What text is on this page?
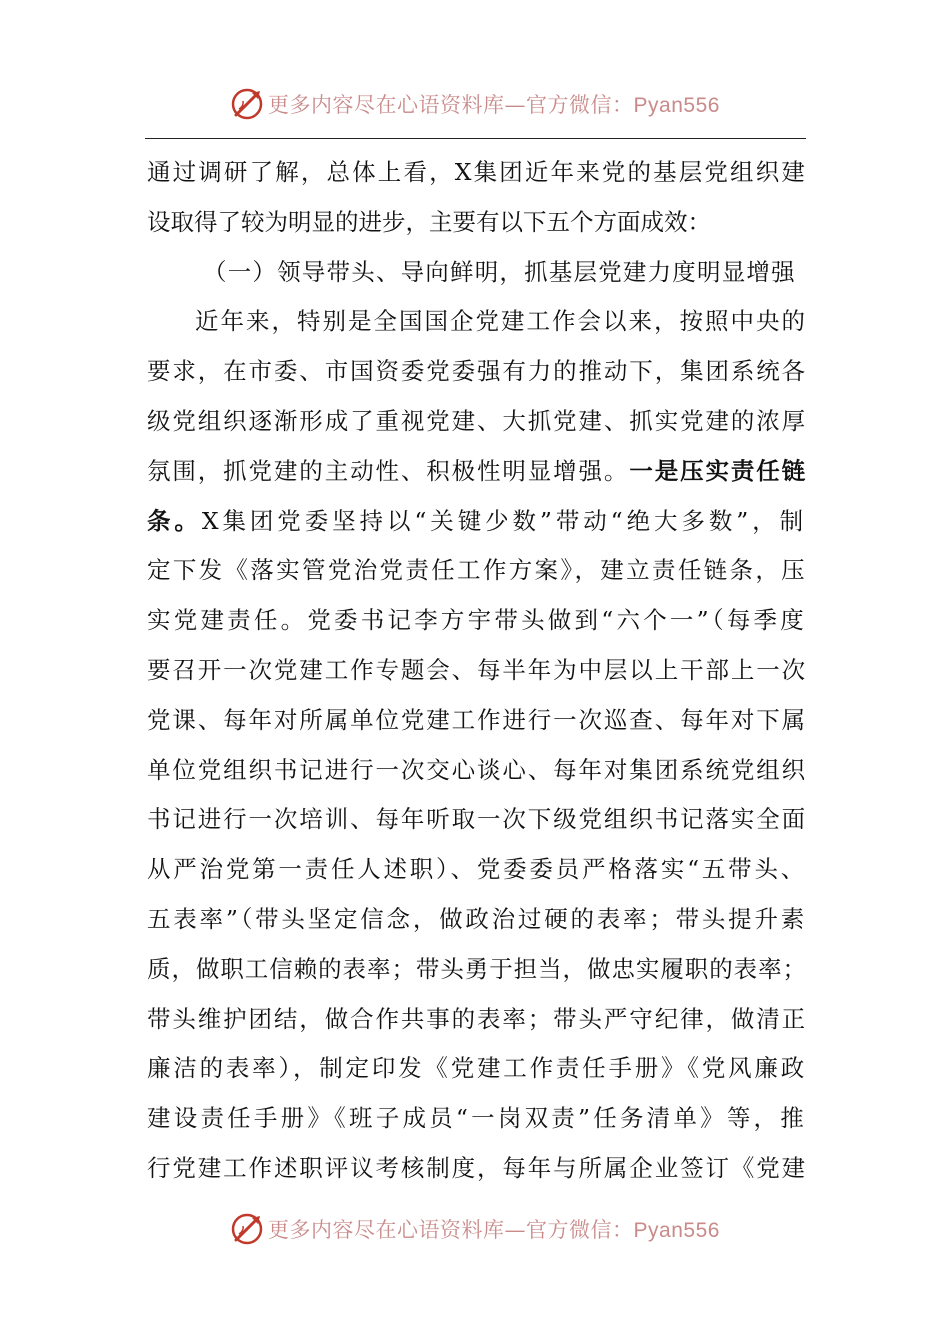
更多内容尽在心语资料库—官方微信：Pyan556
通过调研了解，总体上看，X集团近年来党的基层党组织建
设取得了较为明显的进步，主要有以下五个方面成效：
（一）领导带头、导向鲜明，抓基层党建力度明显增强
近年来，特别是全国国企党建工作会以来，按照中央的
要求，在市委、市国资委党委强有力的推动下，集团系统各
级党组织逐渐形成了重视党建、大抓党建、抓实党建的浓厚
氛围，抓党建的主动性、积极性明显增强。一是压实责任链
条。X集团党委坚持以“关键少数”带动“绝大多数”，制
定下发《落实管党治党责任工作方案》，建立责任链条，压
实党建责任。党委书记李方宇带头做到“六个一”（每季度
要召开一次党建工作专题会、每半年为中层以上干部上一次
党课、每年对所属单位党建工作进行一次巡查、每年对下属
单位党组织书记进行一次交心谈心、每年对集团系统党组织
书记进行一次培训、每年听取一次下级党组织书记落实全面
从严治党第一责任人述职）、党委委员严格落实“五带头、
五表率”（带头坚定信念，做政治过硬的表率；带头提升素
质，做职工信赖的表率；带头勇于担当，做忠实履职的表率；
带头维护团结，做合作共事的表率；带头严守纪律，做清正
廉洁的表率），制定印发《党建工作责任手册》《党风廉政
建设责任手册》《班子成员“一岗双责”任务清单》等，推
行党建工作述职评议考核制度，每年与所属企业签订《党建
更多内容尽在心语资料库—官方微信：Pyan556
